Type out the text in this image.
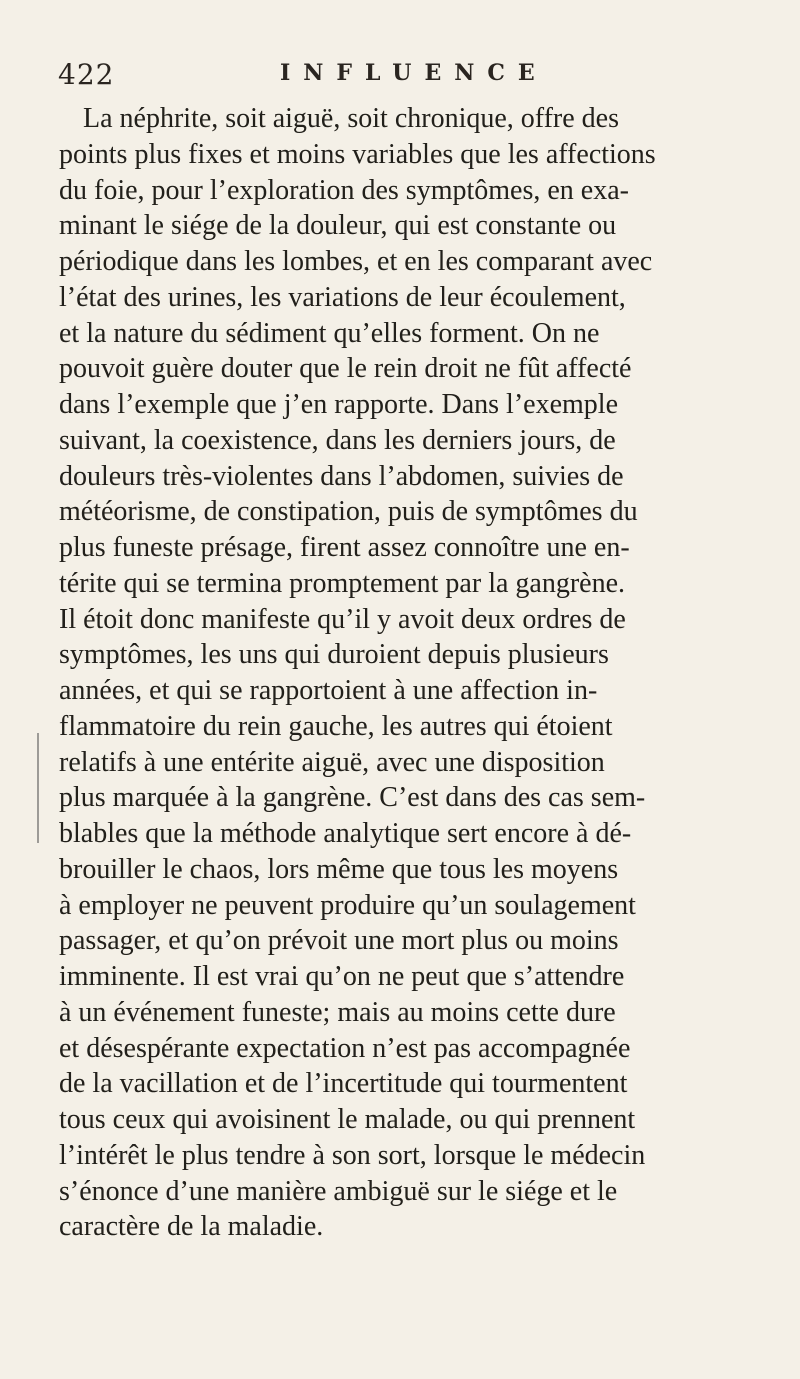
422	INFLUENCE
La néphrite, soit aiguë, soit chronique, offre des
points plus fixes et moins variables que les affections
du foie, pour l’exploration des symptômes, en exa-
minant le siége de la douleur, qui est constante ou
périodique dans les lombes, et en les comparant avec
l’état des urines, les variations de leur écoulement,
et la nature du sédiment qu’elles forment. On ne
pouvoit guère douter que le rein droit ne fût affecté
dans l’exemple que j’en rapporte. Dans l’exemple
suivant, la coexistence, dans les derniers jours, de
douleurs très-violentes dans l’abdomen, suivies de
météorisme, de constipation, puis de symptômes du
plus funeste présage, firent assez connoître une en-
térite qui se termina promptement par la gangrène.
Il étoit donc manifeste qu’il y avoit deux ordres de
symptômes, les uns qui duroient depuis plusieurs
années, et qui se rapportoient à une affection in-
flammatoire du rein gauche, les autres qui étoient
relatifs à une entérite aiguë, avec une disposition
plus marquée à la gangrène. C’est dans des cas sem-
blables que la méthode analytique sert encore à dé-
brouiller le chaos, lors même que tous les moyens
à employer ne peuvent produire qu’un soulagement
passager, et qu’on prévoit une mort plus ou moins
imminente. Il est vrai qu’on ne peut que s’attendre
à un événement funeste; mais au moins cette dure
et désespérante expectation n’est pas accompagnée
de la vacillation et de l’incertitude qui tourmentent
tous ceux qui avoisinent le malade, ou qui prennent
l’intérêt le plus tendre à son sort, lorsque le médecin
s’énonce d’une manière ambiguë sur le siége et le
caractère de la maladie.
